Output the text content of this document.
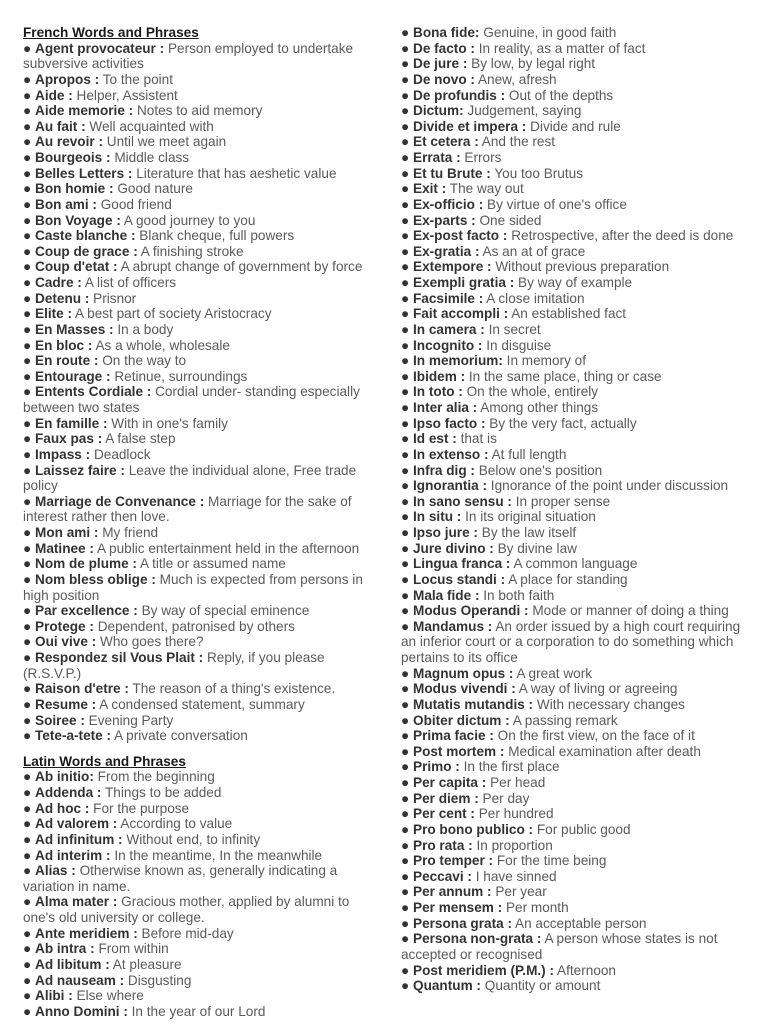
French Words and Phrases

● Agent provocateur : Person employed to undertake subversive activities

● Apropos : To the point

● Aide : Helper, Assistent

● Aide memorie : Notes to aid memory

● Au fait : Well acquainted with

● Au revoir : Until we meet again

● Bourgeois : Middle class

● Belles Letters : Literature that has aeshetic value

● Bon homie : Good nature

● Bon ami : Good friend

● Bon Voyage : A good journey to you

● Caste blanche : Blank cheque, full powers

● Coup de grace : A finishing stroke

● Coup d'etat : A abrupt change of government by force

● Cadre : A list of officers

● Detenu : Prisnor

● Elite : A best part of society Aristocracy

● En Masses : In a body

● En bloc : As a whole, wholesale

● En route : On the way to

● Entourage : Retinue, surroundings

● Entents Cordiale : Cordial under- standing especially between two states

● En famille : With in one's family

● Faux pas : A false step

● Impass : Deadlock

● Laissez faire : Leave the individual alone, Free trade policy

● Marriage de Convenance : Marriage for the sake of interest rather then love.

● Mon ami : My friend

● Matinee : A public entertainment held in the afternoon

● Nom de plume : A title or assumed name

● Nom bless oblige : Much is expected from persons in high position

● Par excellence : By way of special eminence

● Protege : Dependent, patronised by others

● Oui vive : Who goes there?

● Respondez sil Vous Plait : Reply, if you please (R.S.V.P.)

● Raison d'etre : The reason of a thing's existence.

● Resume : A condensed statement, summary

● Soiree : Evening Party

● Tete-a-tete : A private conversation

Latin Words and Phrases

● Ab initio: From the beginning

● Addenda : Things to be added

● Ad hoc : For the purpose

● Ad valorem : According to value

● Ad infinitum : Without end, to infinity

● Ad interim : In the meantime, In the meanwhile

● Alias : Otherwise known as, generally indicating a variation in name.

● Alma mater : Gracious mother, applied by alumni to one's old university or college.

● Ante meridiem : Before mid-day

● Ab intra : From within

● Ad libitum : At pleasure

● Ad nauseam : Disgusting

● Alibi : Else where

● Anno Domini : In the year of our Lord

● Bona fide: Genuine, in good faith

● De facto : In reality, as a matter of fact

● De jure : By low, by legal right

● De novo : Anew, afresh

● De profundis : Out of the depths

● Dictum: Judgement, saying

● Divide et impera : Divide and rule

● Et cetera : And the rest

● Errata : Errors

● Et tu Brute : You too Brutus

● Exit : The way out

● Ex-officio : By virtue of one's office

● Ex-parts : One sided

● Ex-post facto : Retrospective, after the deed is done

● Ex-gratia : As an at of grace

● Extempore : Without previous preparation

● Exempli gratia : By way of example

● Facsimile : A close imitation

● Fait accompli : An established fact

● In camera : In secret

● Incognito : In disguise

● In memorium: In memory of

● Ibidem : In the same place, thing or case

● In toto : On the whole, entirely

● Inter alia : Among other things

● Ipso facto : By the very fact, actually

● Id est : that is

● In extenso : At full length

● Infra dig : Below one's position

● Ignorantia : Ignorance of the point under discussion

● In sano sensu : In proper sense

● In situ : In its original situation

● Ipso jure : By the law itself

● Jure divino : By divine law

● Lingua franca : A common language

● Locus standi : A place for standing

● Mala fide : In both faith

● Modus Operandi : Mode or manner of doing a thing

● Mandamus : An order issued by a high court requiring an inferior court or a corporation to do something which pertains to its office

● Magnum opus : A great work

● Modus vivendi : A way of living or agreeing

● Mutatis mutandis : With necessary changes

● Obiter dictum : A passing remark

● Prima facie : On the first view, on the face of it

● Post mortem : Medical examination after death

● Primo : In the first place

● Per capita : Per head

● Per diem : Per day

● Per cent : Per hundred

● Pro bono publico : For public good

● Pro rata : In proportion

● Pro temper : For the time being

● Peccavi : I have sinned

● Per annum : Per year

● Per mensem : Per month

● Persona grata : An acceptable person

● Persona non-grata : A person whose states is not accepted or recognised

● Post meridiem (P.M.) : Afternoon

● Quantum : Quantity or amount
